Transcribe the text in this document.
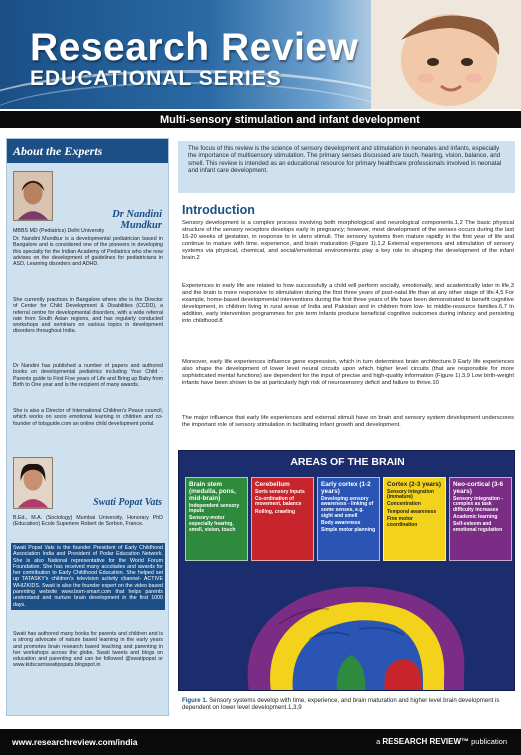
Research Review
EDUCATIONAL SERIES
Multi-sensory stimulation and infant development
About the Experts
Dr Nandini Mundkur
MBBS MD (Pediatrics) Delhi University
Dr. Nandini Mundkur is a developmental pediatrician based in Bangalore and is considered one of the pioneers in developing this specialty for the Indian Academy of Pediatrics who she now advises on the development of guidelines for pediatricians in ASD, Learning disorders and ADHD.
She currently practices in Bangalore where she is the Director of Center for Child Development & Disabilities (CCDD), a referral centre for developmental disorders, with a wide referral rate from South Asian regions, and has regularly conducted workshops and seminars on various topics in development disorders throughout India.
Dr Nandini has published a number of papers and authored books on developmental pediatrics including Your Child - Parents guide to First Five years of Life and Bring up Baby from Birth to One year and is the recipient of many awards.
She is also a Director of International Children's Peace council, which works on socio emotional learning in children and co-founder of totsguide.com an online child development portal.
Swati Popat Vats
B.Ed., M.A. (Sociology) Mumbai University, Honorary PhD (Education) Ecole Superiere Robert de Sorbon, France.
Swati Popat Vats is the founder President of Early Childhood Association India and President of Podar Education Network. She is also National representative for the World Forum Foundation. She has received many accolades and awards for her contribution to Early Childhood Education. She helped set up TATASKY's children's television activity channel- ACTIVE WHIZKIDS. Swati is also the founder expert on the video based parenting website www.born-smart.com that helps parents understand and nurture brain development in the first 1000 days.
Swati has authored many books for parents and children and is a strong advocate of nature based learning in the early years and promotes brain research based teaching and parenting in her workshops across the globe. Swati tweets and blogs on education and parenting and can be followed @swatipopat or www.kidscarriswatipopats.blogspot.in
The focus of this review is the science of sensory development and stimulation in neonates and infants, especially the importance of multisensory stimulation. The primary senses discussed are touch, hearing, vision, balance, and smell. This review is intended as an educational resource for primary healthcare professionals involved in neonatal and infant care development.
Introduction
Sensory development is a complex process involving both morphological and neurological components.1,2 The basic physical structure of the sensory receptors develops early in pregnancy; however, most development of the senses occurs during the last 16-20 weeks of gestation, in response to in utero stimuli. The sensory systems then mature rapidly in the first year of life and continue to mature with time, experience, and brain maturation (Figure 1).1,2 External experiences and stimulation of sensory systems via physical, chemical, and social/emotional environments play a key role in shaping the development of the infant brain.2
Experiences in early life are related to how successfully a child will perform socially, emotionally, and academically later in life,3 and the brain is more responsive to stimulation during the first three years of post-natal life than at any other stage of life.4,5 For example, home-based developmental interventions during the first three years of life have been demonstrated to benefit cognitive development, in children living in rural areas of India and Pakistan and in children from low- to middle-resource families.6,7 In addition, early intervention programmes for pre term infants produce beneficial cognitive outcomes during infancy and persisting into childhood.8
Moreover, early life experiences influence gene expression, which in turn determines brain architecture.9 Early life experiences also shape the development of lower level neural circuits upon which higher level circuits (that are responsible for more sophisticated mental functions) are dependent for the input of precise and high-quality information (Figure 1).3,9 Low birth-weight infants have been shown to be at particularly high risk of neurosensory deficit and failure to thrive.10
The major influence that early life experiences and external stimuli have on brain and sensory system development underscores the important role of sensory stimulation in facilitating infant growth and development.
AREAS OF THE BRAIN
Brain stem (medulla, pons, mid-brain)
Independent sensory inputs
Sensory-motor especially hearing, smell, vision, touch
Cerebellum
Sorts sensory inputs
Co-ordination of movement, balance
Rolling, crawling
Early cortex (1-2 years)
Developing sensory awareness - linking of some senses, e.g. sight and smell
Body awareness
Simple motor planning
Cortex (2-3 years)
Sensory integration (immature)
Concentration
Temporal awareness
Fine motor coordination
Neo-cortical (3-6 years)
Sensory integration - complex as task difficulty increases
Academic learning
Self-esteem and emotional regulation
Figure 1. Sensory systems develop with time, experience, and brain maturation and higher level brain development is dependent on lower level development.1,3,9
www.researchreview.com/india	a RESEARCH REVIEW™ publication
